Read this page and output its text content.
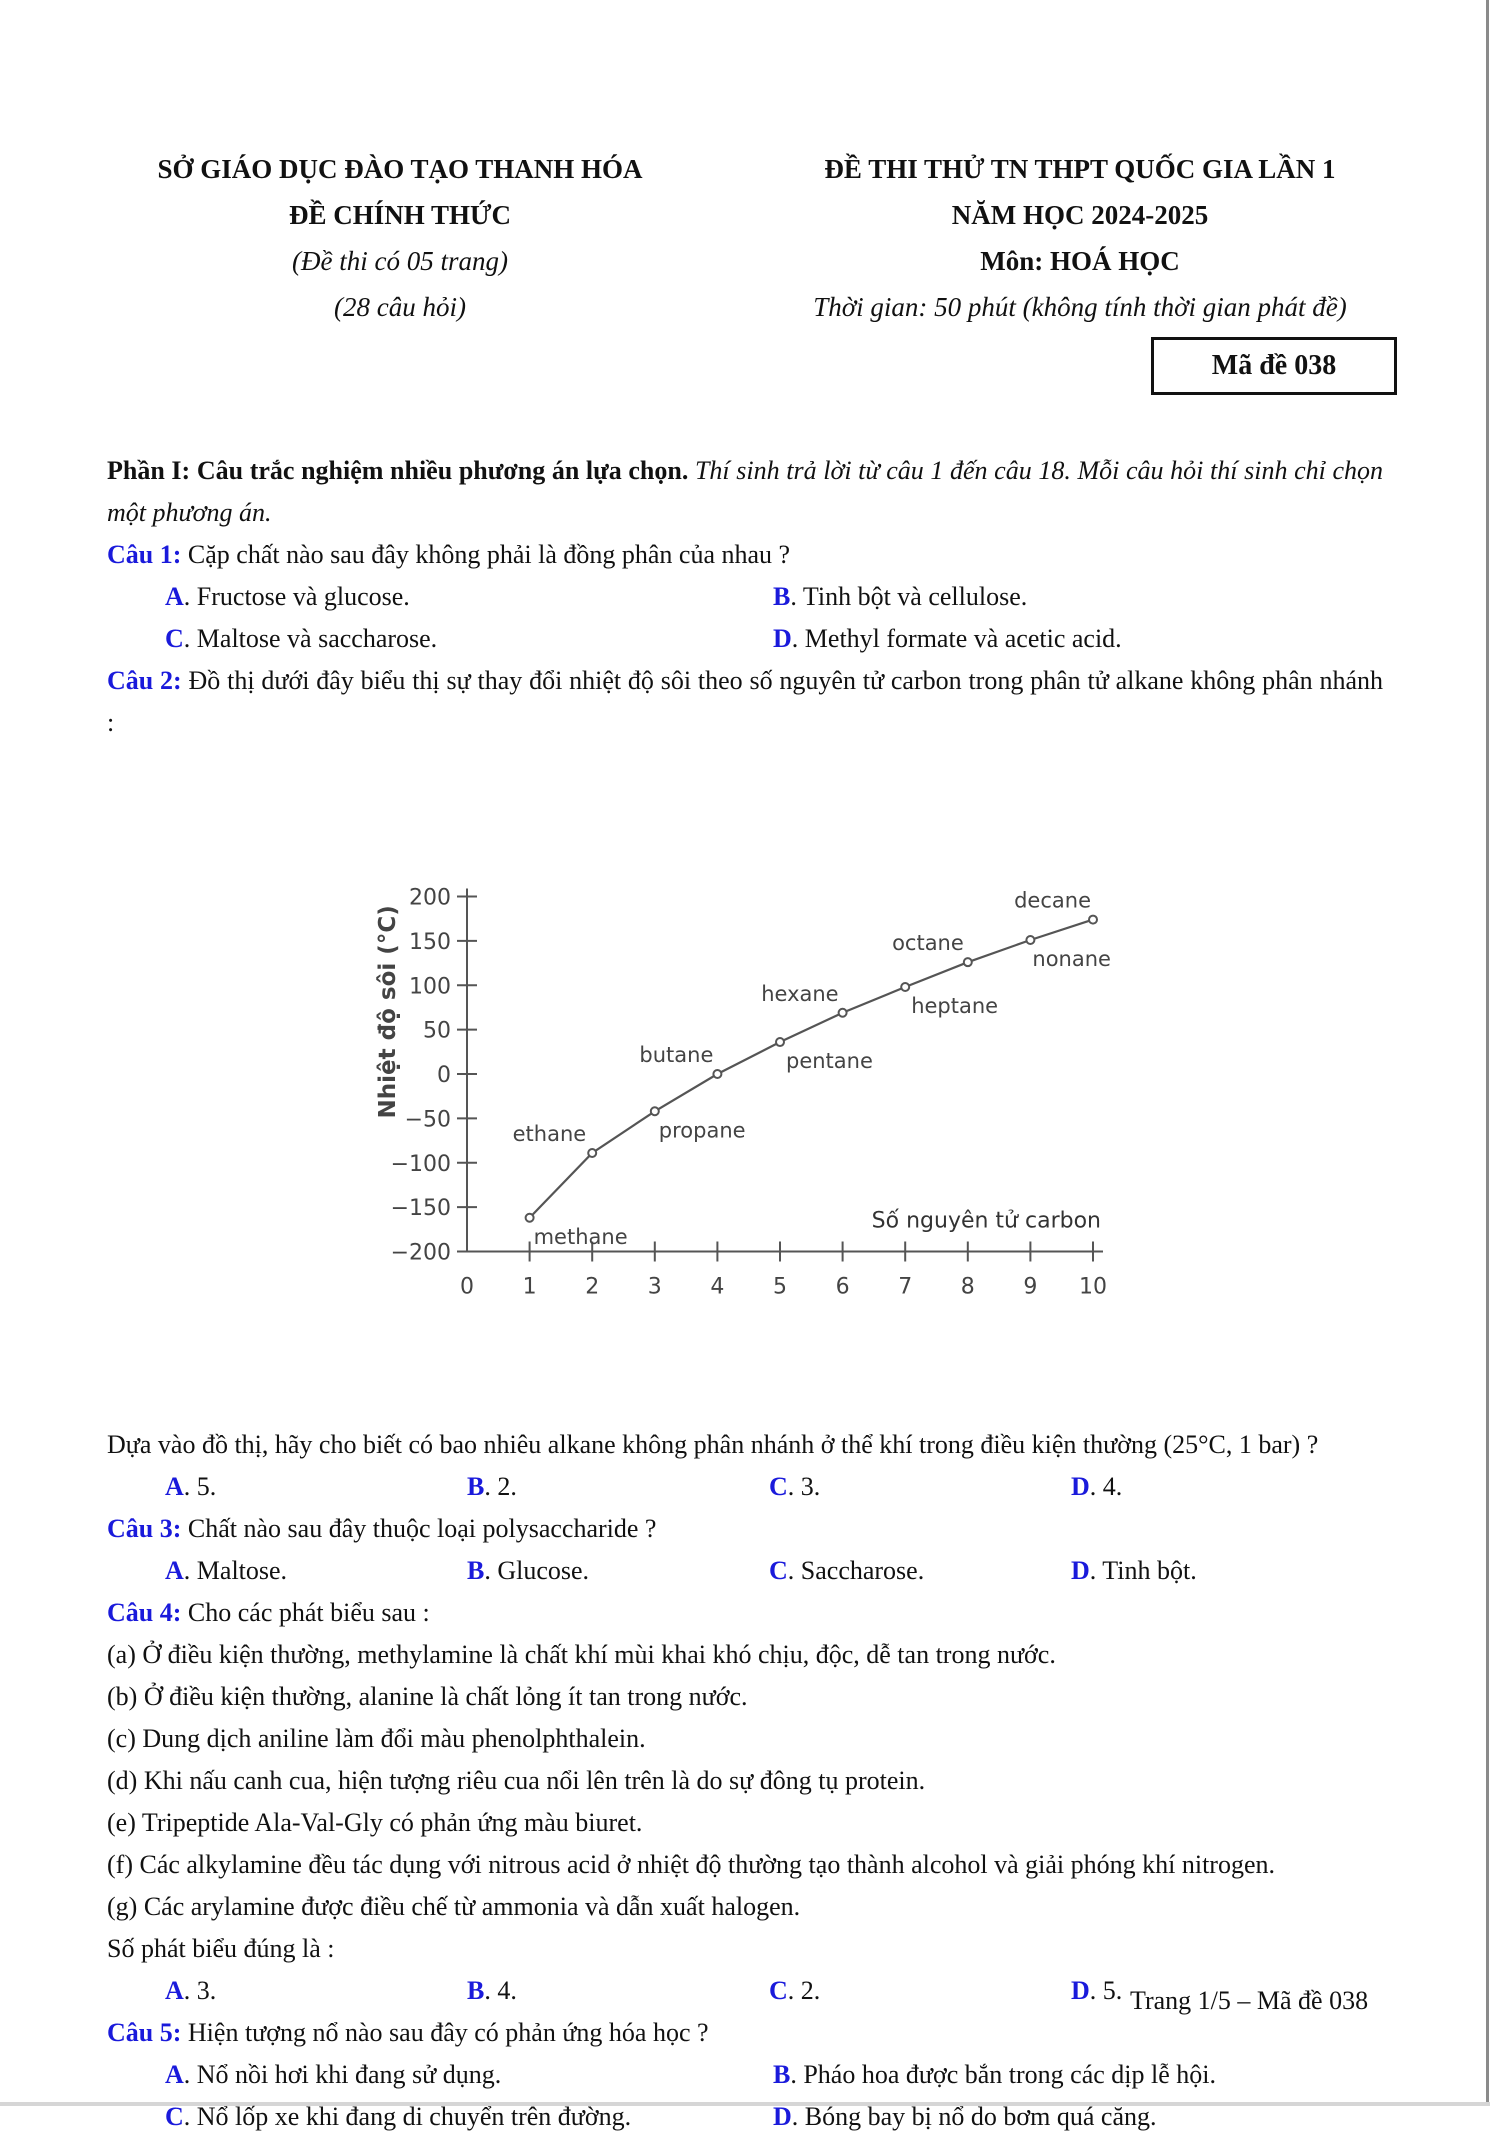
SỞ GIÁO DỤC ĐÀO TẠO THANH HÓA
ĐỀ CHÍNH THỨC
(Đề thi có 05 trang)
(28 câu hỏi)
ĐỀ THI THỬ TN THPT QUỐC GIA LẦN 1
NĂM HỌC 2024-2025
Môn: HOÁ HỌC
Thời gian: 50 phút (không tính thời gian phát đề)
Mã đề 038
Phần I: Câu trắc nghiệm nhiều phương án lựa chọn. Thí sinh trả lời từ câu 1 đến câu 18. Mỗi câu hỏi thí sinh chỉ chọn một phương án.
Câu 1: Cặp chất nào sau đây không phải là đồng phân của nhau ?
A. Fructose và glucose.	B. Tinh bột và cellulose.
C. Maltose và saccharose.	D. Methyl formate và acetic acid.
Câu 2: Đồ thị dưới đây biểu thị sự thay đổi nhiệt độ sôi theo số nguyên tử carbon trong phân tử alkane không phân nhánh :
200
150
100
50
0
−50
−100
−150
−200
0 1 2 3 4 5 6 7 8 9 10
Nhiệt độ sôi (°C)
Số nguyên tử carbon
methane
ethane	propane
butane	pentane
hexane
heptane
octane
nonane
decane
Dựa vào đồ thị, hãy cho biết có bao nhiêu alkane không phân nhánh ở thể khí trong điều kiện thường (25°C, 1 bar) ?
A. 5.	B. 2.	C. 3.	D. 4.
Câu 3: Chất nào sau đây thuộc loại polysaccharide ?
A. Maltose.	B. Glucose.	C. Saccharose.	D. Tinh bột.
Câu 4: Cho các phát biểu sau :
(a) Ở điều kiện thường, methylamine là chất khí mùi khai khó chịu, độc, dễ tan trong nước.
(b) Ở điều kiện thường, alanine là chất lỏng ít tan trong nước.
(c) Dung dịch aniline làm đổi màu phenolphthalein.
(d) Khi nấu canh cua, hiện tượng riêu cua nổi lên trên là do sự đông tụ protein.
(e) Tripeptide Ala-Val-Gly có phản ứng màu biuret.
(f) Các alkylamine đều tác dụng với nitrous acid ở nhiệt độ thường tạo thành alcohol và giải phóng khí nitrogen.
(g) Các arylamine được điều chế từ ammonia và dẫn xuất halogen.
Số phát biểu đúng là :
A. 3.	B. 4.	C. 2.	D. 5.
Câu 5: Hiện tượng nổ nào sau đây có phản ứng hóa học ?
A. Nổ nồi hơi khi đang sử dụng.	B. Pháo hoa được bắn trong các dịp lễ hội.
C. Nổ lốp xe khi đang di chuyển trên đường.	D. Bóng bay bị nổ do bơm quá căng.
Trang 1/5 – Mã đề 038
